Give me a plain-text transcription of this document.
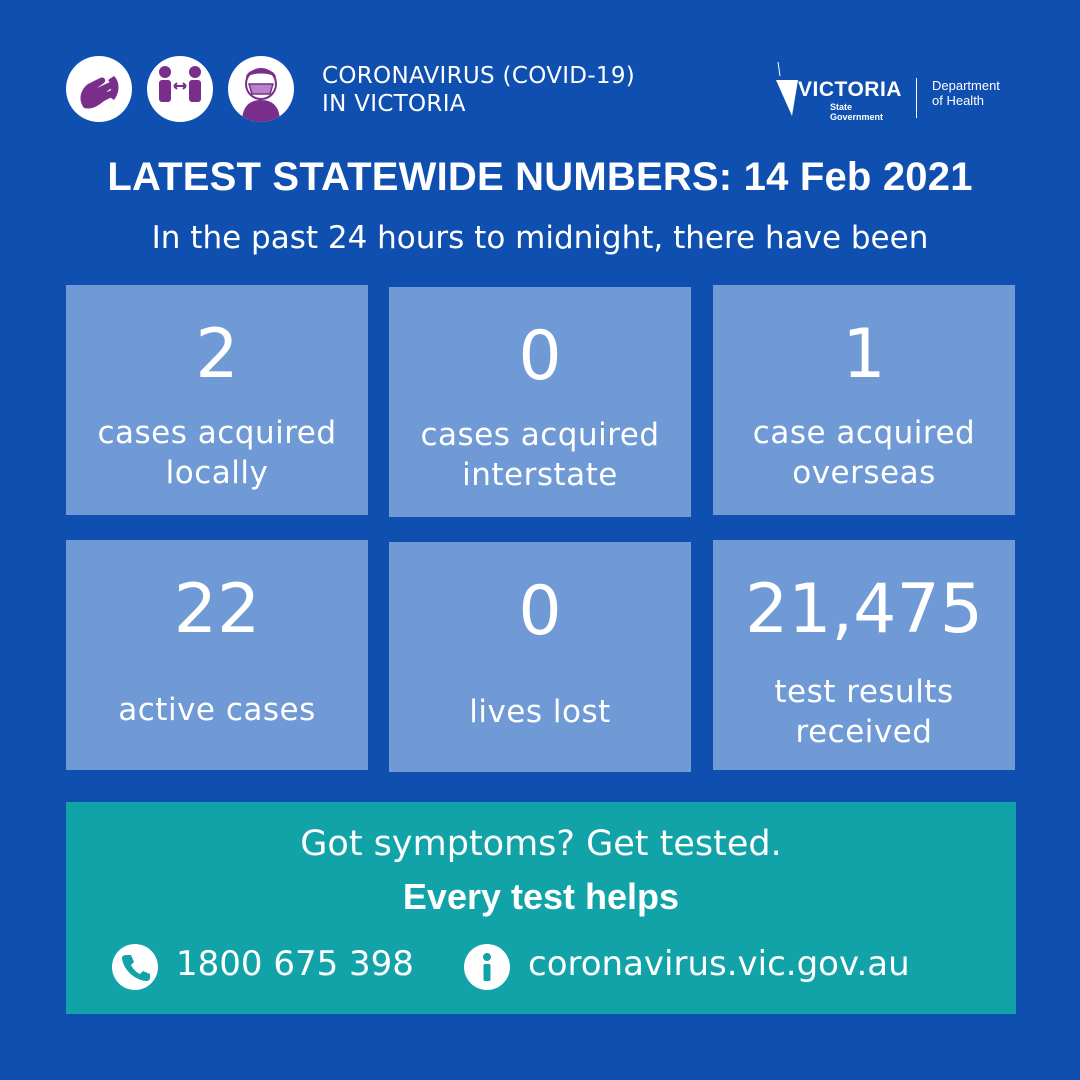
CORONAVIRUS (COVID-19)
IN VICTORIA
VICTORIA
State
Government
Department
of Health
LATEST STATEWIDE NUMBERS: 14 Feb 2021
In the past 24 hours to midnight, there have been
2
cases acquired
locally
0
cases acquired
interstate
1
case acquired
overseas
22
active cases
0
lives lost
21,475
test results
received
Got symptoms? Get tested.
Every test helps
1800 675 398	coronavirus.vic.gov.au
